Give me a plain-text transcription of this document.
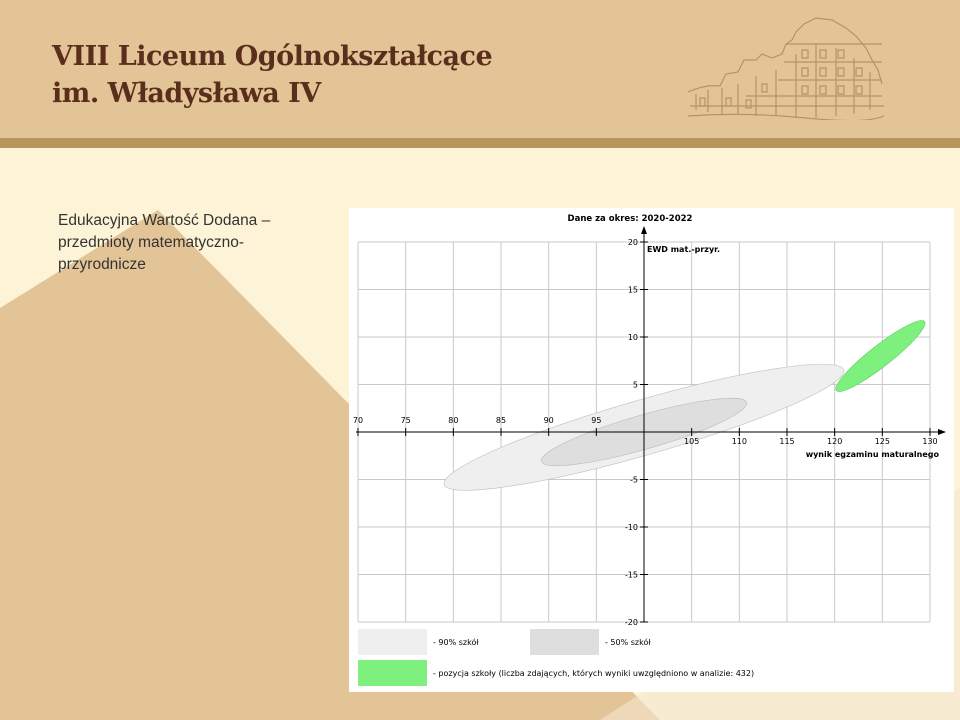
VIII Liceum Ogólnokształcące
im. Władysława IV
Edukacyjna Wartość Dodana – przedmioty matematyczno-przyrodnicze
70	75	80	85	90	95
105	110	115	120	125	130
20
15
10
5
-5
-10
-15
-20
Dane za okres: 2020-2022
EWD mat.-przyr.
wynik egzaminu maturalnego
- 90% szkół	- 50% szkół
- pozycja szkoły (liczba zdających, których wyniki uwzględniono w analizie: 432)
